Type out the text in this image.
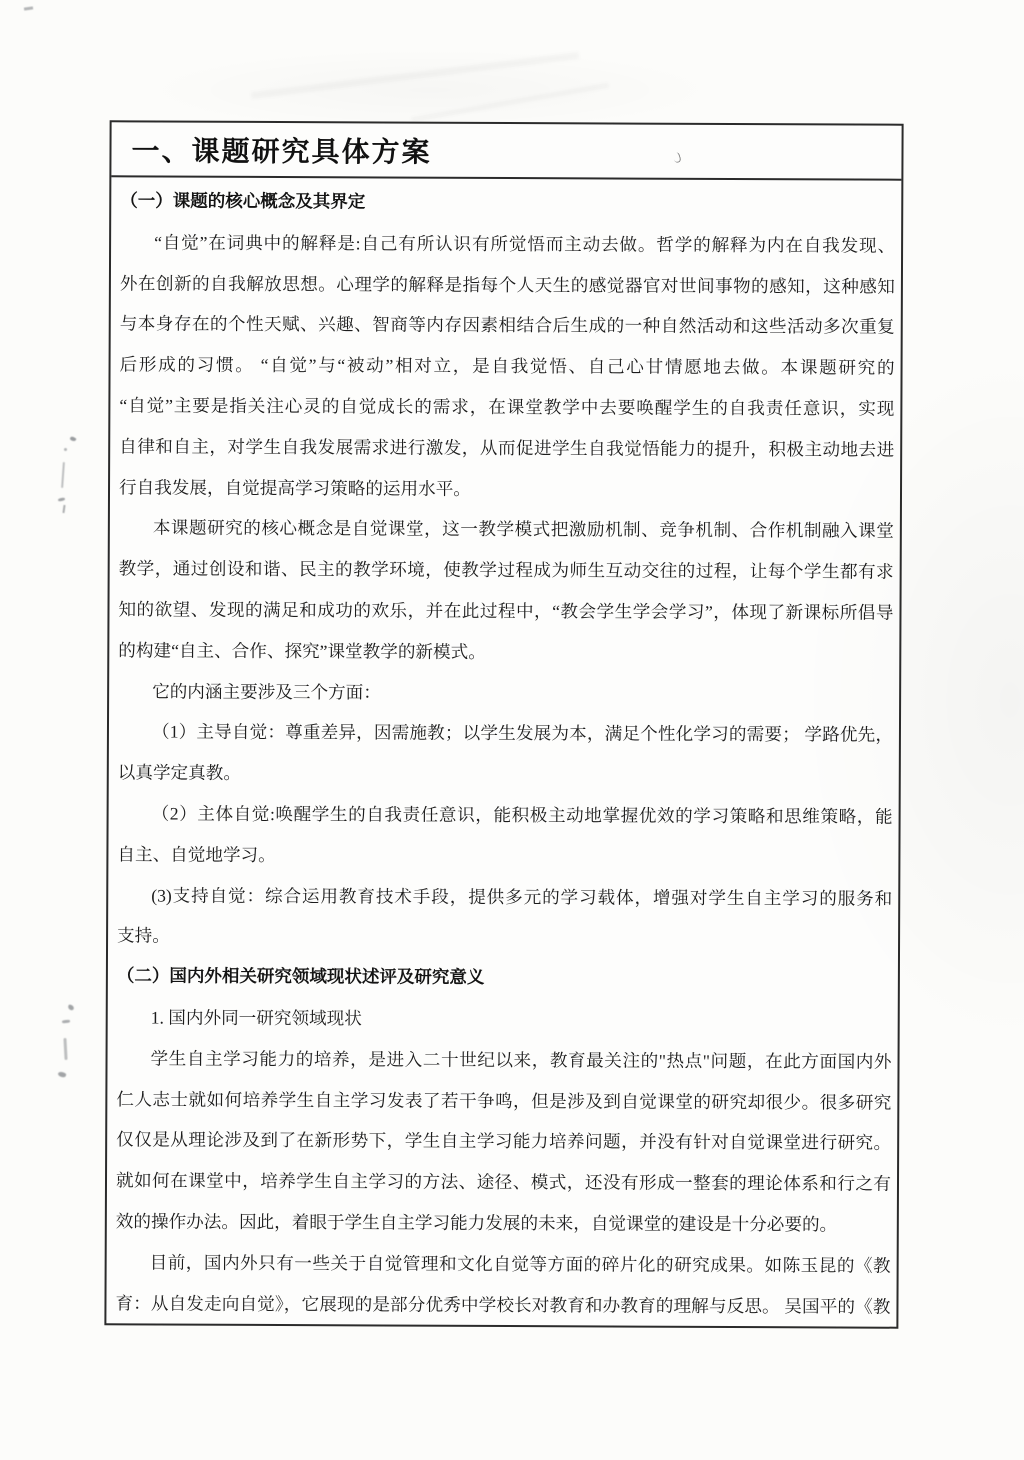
一、课题研究具体方案
（一）课题的核心概念及其界定
“自觉”在词典中的解释是:自己有所认识有所觉悟而主动去做。哲学的解释为内在自我发现、
外在创新的自我解放思想。心理学的解释是指每个人天生的感觉器官对世间事物的感知，这种感知
与本身存在的个性天赋、兴趣、智商等内存因素相结合后生成的一种自然活动和这些活动多次重复
后形成的习惯。 “自觉”与“被动”相对立，是自我觉悟、自己心甘情愿地去做。本课题研究的
“自觉”主要是指关注心灵的自觉成长的需求，在课堂教学中去要唤醒学生的自我责任意识，实现
自律和自主，对学生自我发展需求进行激发，从而促进学生自我觉悟能力的提升，积极主动地去进
行自我发展，自觉提高学习策略的运用水平。
本课题研究的核心概念是自觉课堂，这一教学模式把激励机制、竞争机制、合作机制融入课堂
教学，通过创设和谐、民主的教学环境，使教学过程成为师生互动交往的过程，让每个学生都有求
知的欲望、发现的满足和成功的欢乐，并在此过程中，“教会学生学会学习”，体现了新课标所倡导
的构建“自主、合作、探究”课堂教学的新模式。
它的内涵主要涉及三个方面：
（1）主导自觉：尊重差异，因需施教；以学生发展为本，满足个性化学习的需要； 学路优先，
以真学定真教。
（2）主体自觉:唤醒学生的自我责任意识，能积极主动地掌握优效的学习策略和思维策略，能
自主、自觉地学习。
(3)支持自觉：综合运用教育技术手段，提供多元的学习载体，增强对学生自主学习的服务和
支持。
（二）国内外相关研究领域现状述评及研究意义
1. 国内外同一研究领域现状
学生自主学习能力的培养，是进入二十世纪以来，教育最关注的"热点"问题，在此方面国内外
仁人志士就如何培养学生自主学习发表了若干争鸣，但是涉及到自觉课堂的研究却很少。很多研究
仅仅是从理论涉及到了在新形势下，学生自主学习能力培养问题，并没有针对自觉课堂进行研究。
就如何在课堂中，培养学生自主学习的方法、途径、模式，还没有形成一整套的理论体系和行之有
效的操作办法。因此，着眼于学生自主学习能力发展的未来，自觉课堂的建设是十分必要的。
目前，国内外只有一些关于自觉管理和文化自觉等方面的碎片化的研究成果。如陈玉昆的《教
育：从自发走向自觉》，它展现的是部分优秀中学校长对教育和办教育的理解与反思。 吴国平的《教
